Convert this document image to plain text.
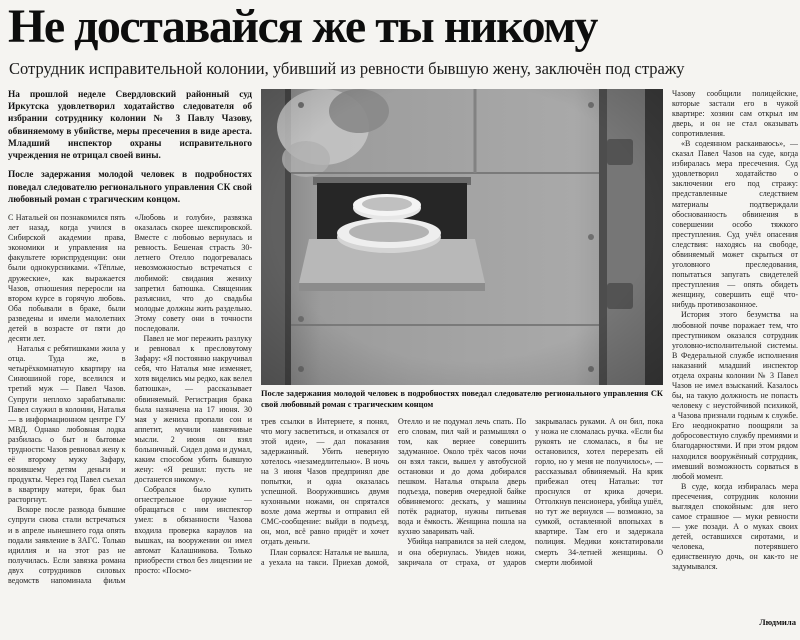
Не доставайся же ты никому
Сотрудник исправительной колонии, убивший из ревности бывшую жену, заключён под стражу

На прошлой неделе Свердловский районный суд Иркутска удовлетворил ходатайство следователя об избрании сотруднику колонии № 3 Павлу Чазову, обвиняемому в убийстве, меры пресечения в виде ареста. Младший инспектор охраны исправительного учреждения не отрицал своей вины.

После задержания молодой человек в подробностях поведал следователю регионального управления СК свой любовный роман с трагическим концом.

С Натальей он познакомился пять лет назад, когда учился в Сибирской академии права, экономики и управления на факультете юриспруденции: они были однокурсниками. «Тёплые, дружеские», как выражается Чазов, отношения переросли на втором курсе в горячую любовь. Оба побывали в браке, были разведены и имели малолетних детей в возрасте от пяти до десяти лет.

Наталья с ребятишками жила у отца. Туда же, в четырёхкомнатную квартиру на Синюшиной горе, вселился и третий муж — Павел Чазов. Супруги неплохо зарабатывали: Павел служил в колонии, Наталья — в информационном центре ГУ МВД. Однако любовная лодка разбилась о быт и бытовые трудности: Чазов ревновал жену к её второму мужу Зафару, возившему детям деньги и продукты. Через год Павел съехал в квартиру матери, брак был расторгнут.

Вскоре после развода бывшие супруги снова стали встречаться и в апреле нынешнего года опять подали заявление в ЗАГС. Только идиллия и на этот раз не получилась. Если завязка романа двух сотрудников силовых ведомств напоминала фильм «Любовь и голуби», развязка оказалась скорее шекспировской. Вместе с любовью вернулась и ревность. Бешеная страсть 30-летнего Отелло подогревалась невозможностью встречаться с любимой: свидания жениху запретил батюшка. Священник разъяснил, что до свадьбы молодые должны жить раздельно. Этому совету они в точности последовали.

Павел не мог пережить разлуку и ревновал к пресловутому Зафару: «Я постоянно накручивал себя, что Наталья мне изменяет, хотя виделись мы редко, как велел батюшка», — рассказывает обвиняемый. Регистрация брака была назначена на 17 июня. 30 мая у жениха пропали сон и аппетит, мучили навязчивые мысли. 2 июня он взял больничный. Сидел дома и думал, каким способом убить бывшую жену: «Я решил: пусть не достанется никому».

Собрался было купить огнестрельное оружие — обращаться с ним инспектор умел: в обязанности Чазова входила проверка караулов на вышках, на вооружении он имел автомат Калашникова. Только приобрести ствол без лицензии не просто: «Посмо-

После задержания молодой человек в подробностях поведал следователю регионального управления СК свой любовный роман с трагическим концом

трев ссылки в Интернете, я понял, что могу засветиться, и отказался от этой идеи», — дал показания задержанный. Убить неверную хотелось «незамедлительно». В ночь на 3 июня Чазов предпринял две попытки, и одна оказалась успешной. Вооружившись двумя кухонными ножами, он спрятался возле дома жертвы и отправил ей СМС-сообщение: выйди в подъезд, он, мол, всё равно придёт и хочет отдать деньги.

План сорвался: Наталья не вышла, а уехала на такси. Приехав домой, Отелло и не подумал лечь спать. По его словам, пил чай и размышлял о том, как вернее совершить задуманное. Около трёх часов ночи он взял такси, вышел у автобусной остановки и до дома добирался пешком. Наталья открыла дверь подъезда, поверив очередной байке обвиняемого: дескать, у машины потёк радиатор, нужны питьевая вода и ёмкость. Женщина пошла на кухню заваривать чай.

Убийца направился за ней следом, и она обернулась. Увидев ножи, закричала от страха, от ударов закрывалась руками. А он бил, пока у ножа не сломалась ручка. «Если бы рукоять не сломалась, я бы не остановился, хотел перерезать ей горло, но у меня не получилось», — рассказывал обвиняемый. На крик прибежал отец Натальи: тот проснулся от крика дочери. Оттолкнув пенсионера, убийца ушёл, но тут же вернулся — возможно, за сумкой, оставленной впопыхах в квартире. Там его и задержала полиция. Медики констатировали смерть 34-летней женщины. О смерти любимой

Чазову сообщили полицейские, которые застали его в чужой квартире: хозяин сам открыл им дверь, и он не стал оказывать сопротивления.

«В содеянном раскаиваюсь», — сказал Павел Чазов на суде, когда избиралась мера пресечения. Суд удовлетворил ходатайство о заключении его под стражу: представленные следствием материалы подтверждали обоснованность обвинения в совершении особо тяжкого преступления. Суд учёл опасения следствия: находясь на свободе, обвиняемый может скрыться от уголовного преследования, попытаться запугать свидетелей преступления — опять обидеть женщину, совершить ещё что-нибудь противозаконное.

История этого безумства на любовной почве поражает тем, что преступником оказался сотрудник уголовно-исполнительной системы. В Федеральной службе исполнения наказаний младший инспектор отдела охраны колонии № 3 Павел Чазов не имел взысканий. Казалось бы, на такую должность не попасть человеку с неустойчивой психикой, а Чазова признали годным к службе. Его неоднократно поощряли за добросовестную службу премиями и благодарностями. И при этом рядом находился вооружённый сотрудник, имевший возможность сорваться в любой момент.

В суде, когда избиралась мера пресечения, сотрудник колонии выглядел спокойным: для него самое страшное — муки ревности — уже позади. А о муках своих детей, оставшихся сиротами, и человека, потерявшего единственную дочь, он как-то не задумывался.

Людмила
